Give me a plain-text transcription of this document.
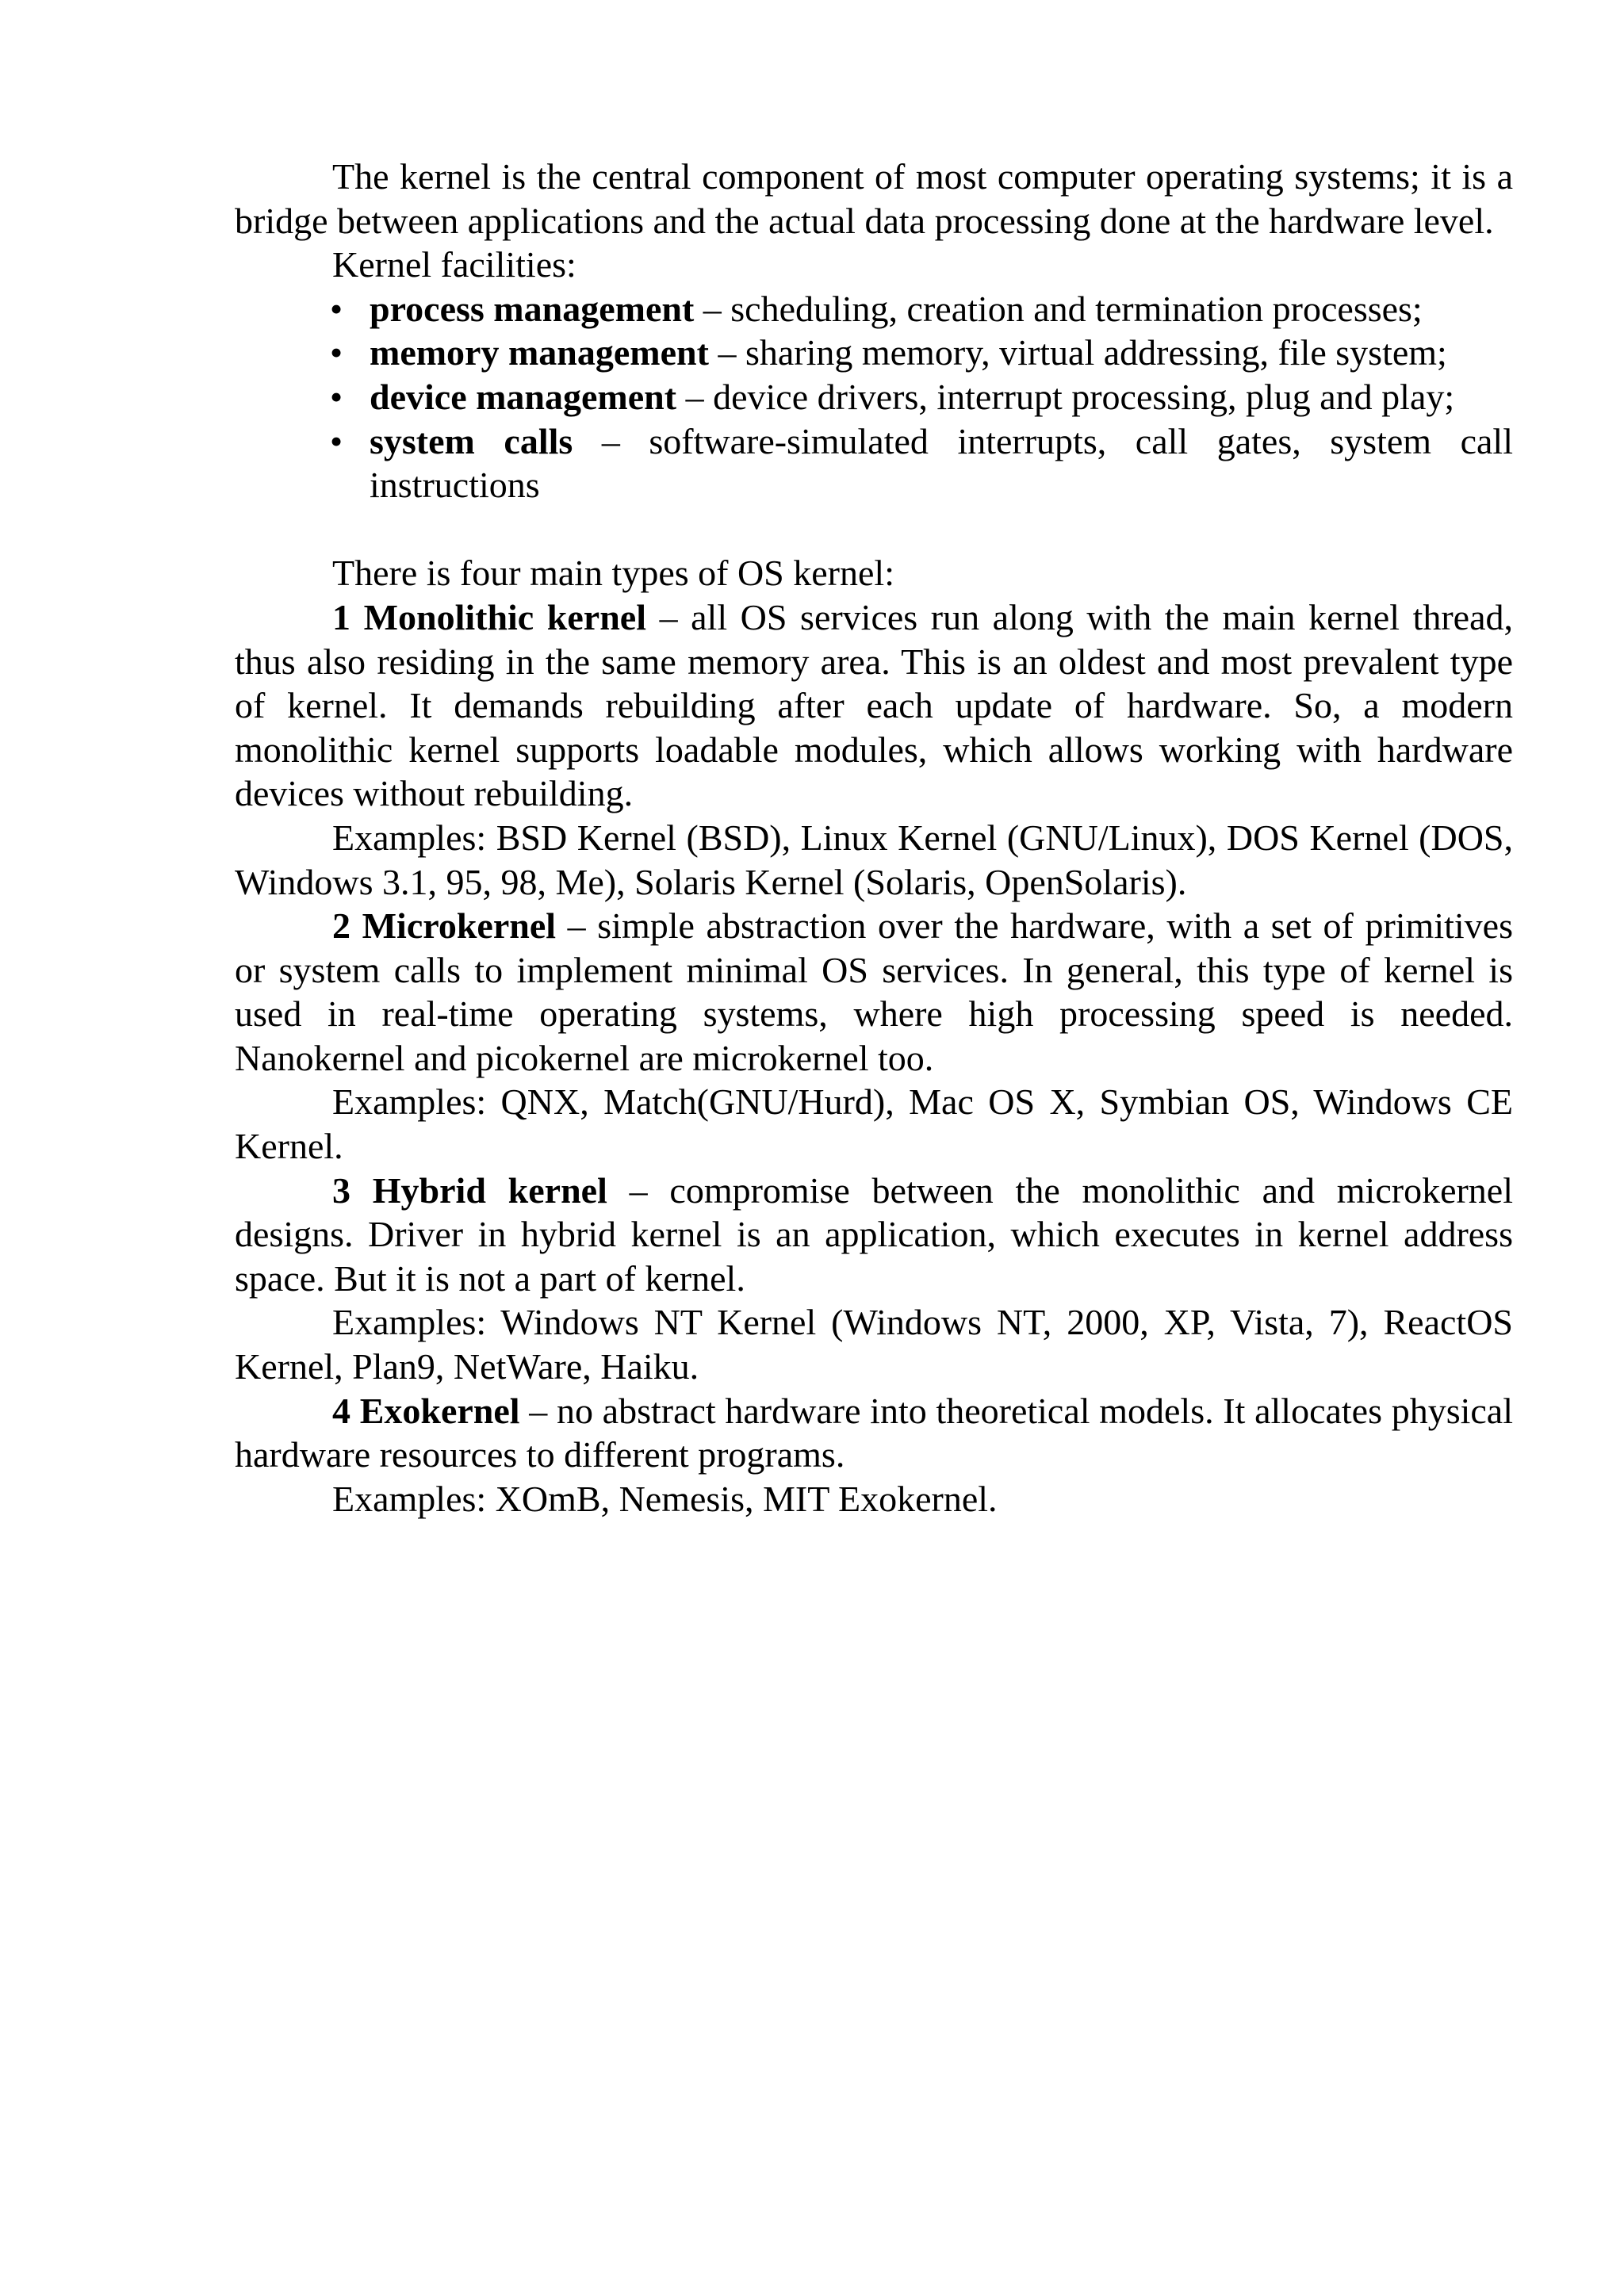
The kernel is the central component of most computer operating systems; it is a bridge between applications and the actual data processing done at the hardware level.

Kernel facilities:

• process management – scheduling, creation and termination processes;
• memory management – sharing memory, virtual addressing, file system;
• device management – device drivers, interrupt processing, plug and play;
• system calls – software-simulated interrupts, call gates, system call instructions

There is four main types of OS kernel:

1 Monolithic kernel – all OS services run along with the main kernel thread, thus also residing in the same memory area. This is an oldest and most prevalent type of kernel. It demands rebuilding after each update of hardware. So, a modern monolithic kernel supports loadable modules, which allows working with hardware devices without rebuilding.

Examples: BSD Kernel (BSD), Linux Kernel (GNU/Linux), DOS Kernel (DOS, Windows 3.1, 95, 98, Me), Solaris Kernel (Solaris, OpenSolaris).

2 Microkernel – simple abstraction over the hardware, with a set of primitives or system calls to implement minimal OS services. In general, this type of kernel is used in real-time operating systems, where high processing speed is needed. Nanokernel and picokernel are microkernel too.

Examples: QNX, Match(GNU/Hurd), Mac OS X, Symbian OS, Windows CE Kernel.

3 Hybrid kernel – compromise between the monolithic and microkernel designs. Driver in hybrid kernel is an application, which executes in kernel address space. But it is not a part of kernel.

Examples: Windows NT Kernel (Windows NT, 2000, XP, Vista, 7), ReactOS Kernel, Plan9, NetWare, Haiku.

4 Exokernel – no abstract hardware into theoretical models. It allocates physical hardware resources to different programs.

Examples: XOmB, Nemesis, MIT Exokernel.
